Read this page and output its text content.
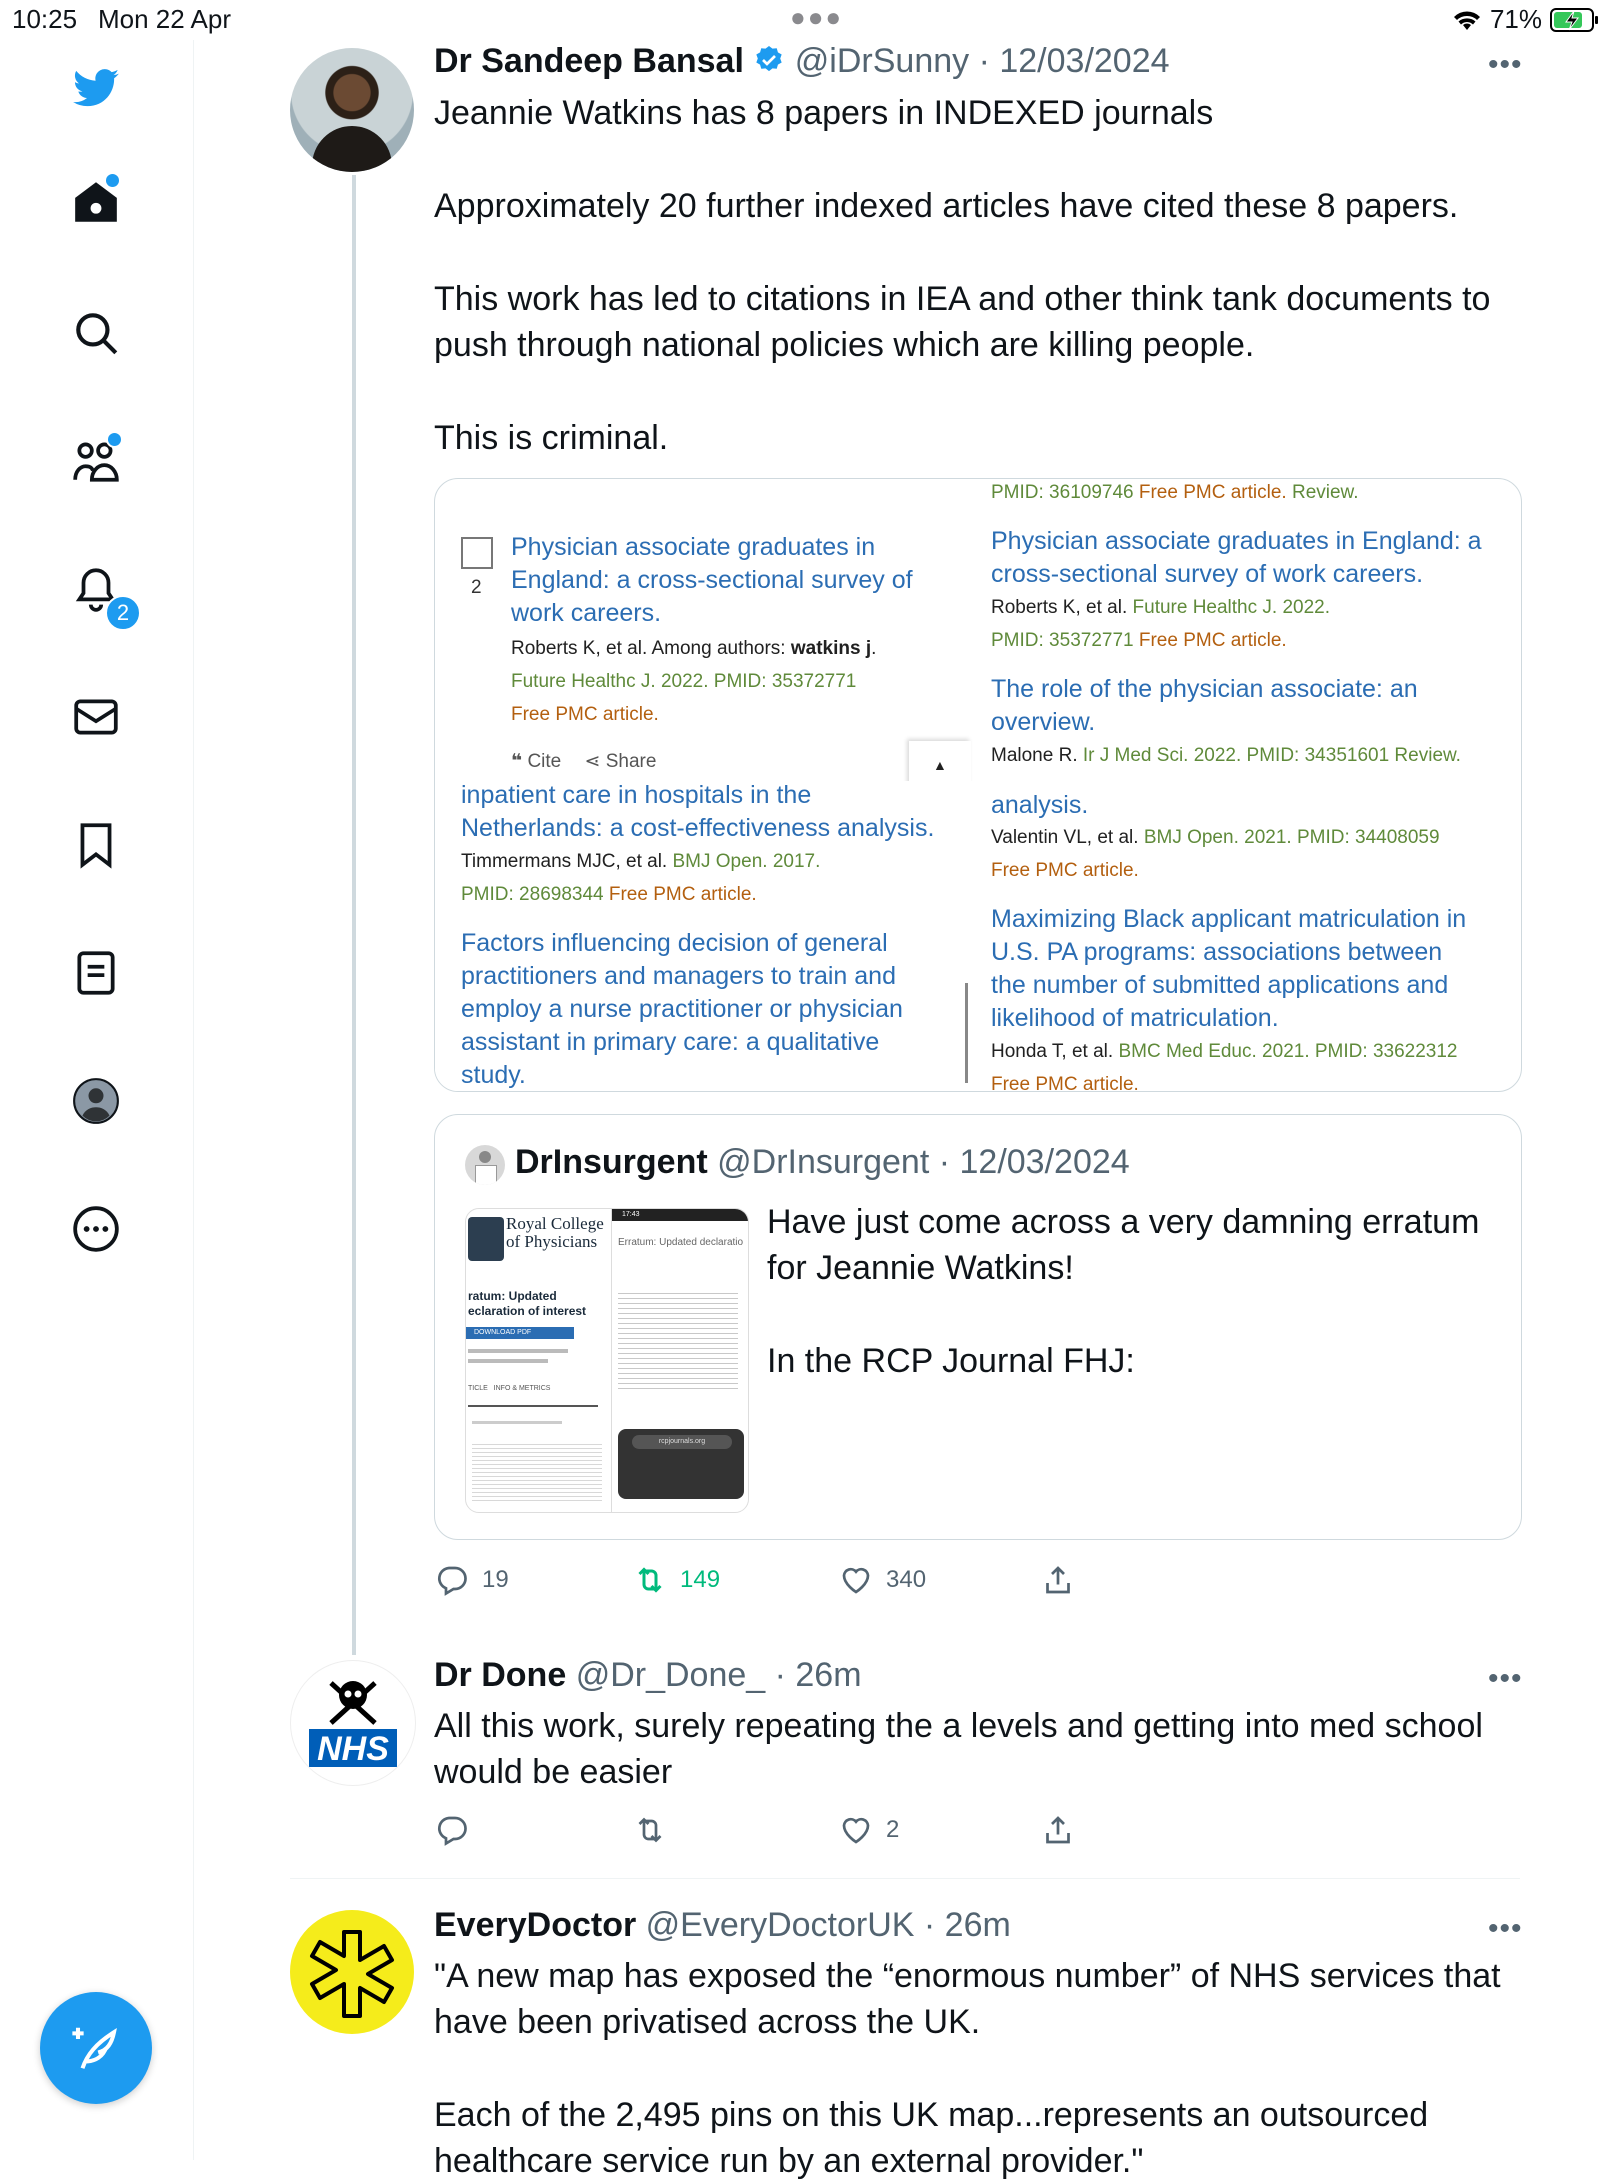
10:25 Mon 22 Apr	●●●	71%
2
Dr Sandeep Bansal @iDrSunny · 12/03/2024	•••
Jeannie Watkins has 8 papers in INDEXED journals
Approximately 20 further indexed articles have cited these 8 papers.
This work has led to citations in IEA and other think tank documents to
push through national policies which are killing people.
This is criminal.
2
Physician associate graduates in
England: a cross-sectional survey of
work careers.
Roberts K, et al. Among authors: watkins j.
Future Healthc J. 2022. PMID: 35372771
Free PMC article.
❝ Cite ⋖ Share	▲
inpatient care in hospitals in the
Netherlands: a cost-effectiveness analysis.
Timmermans MJC, et al. BMJ Open. 2017.
PMID: 28698344 Free PMC article.
Factors influencing decision of general
practitioners and managers to train and
employ a nurse practitioner or physician
assistant in primary care: a qualitative
study.
PMID: 36109746 Free PMC article. Review.
Physician associate graduates in England: a
cross-sectional survey of work careers.
Roberts K, et al. Future Healthc J. 2022.
PMID: 35372771 Free PMC article.
The role of the physician associate: an
overview.
Malone R. Ir J Med Sci. 2022. PMID: 34351601 Review.
analysis.
Valentin VL, et al. BMJ Open. 2021. PMID: 34408059
Free PMC article.
Maximizing Black applicant matriculation in
U.S. PA programs: associations between
the number of submitted applications and
likelihood of matriculation.
Honda T, et al. BMC Med Educ. 2021. PMID: 33622312
Free PMC article.
DrInsurgent @DrInsurgent · 12/03/2024
Royal College
of Physicians
ratum: Updated
eclaration of interest
DOWNLOAD PDF
TICLE   INFO & METRICS
17:43
Erratum: Updated declaratio
rcpjournals.org
Have just come across a very damning erratum
for Jeannie Watkins!
In the RCP Journal FHJ:
19	149	340
NHS
Dr Done @Dr_Done_ · 26m	•••
All this work, surely repeating the a levels and getting into med school
would be easier
2
EveryDoctor @EveryDoctorUK · 26m	•••
"A new map has exposed the “enormous number” of NHS services that
have been privatised across the UK.
Each of the 2,495 pins on this UK map...represents an outsourced
healthcare service run by an external provider."
